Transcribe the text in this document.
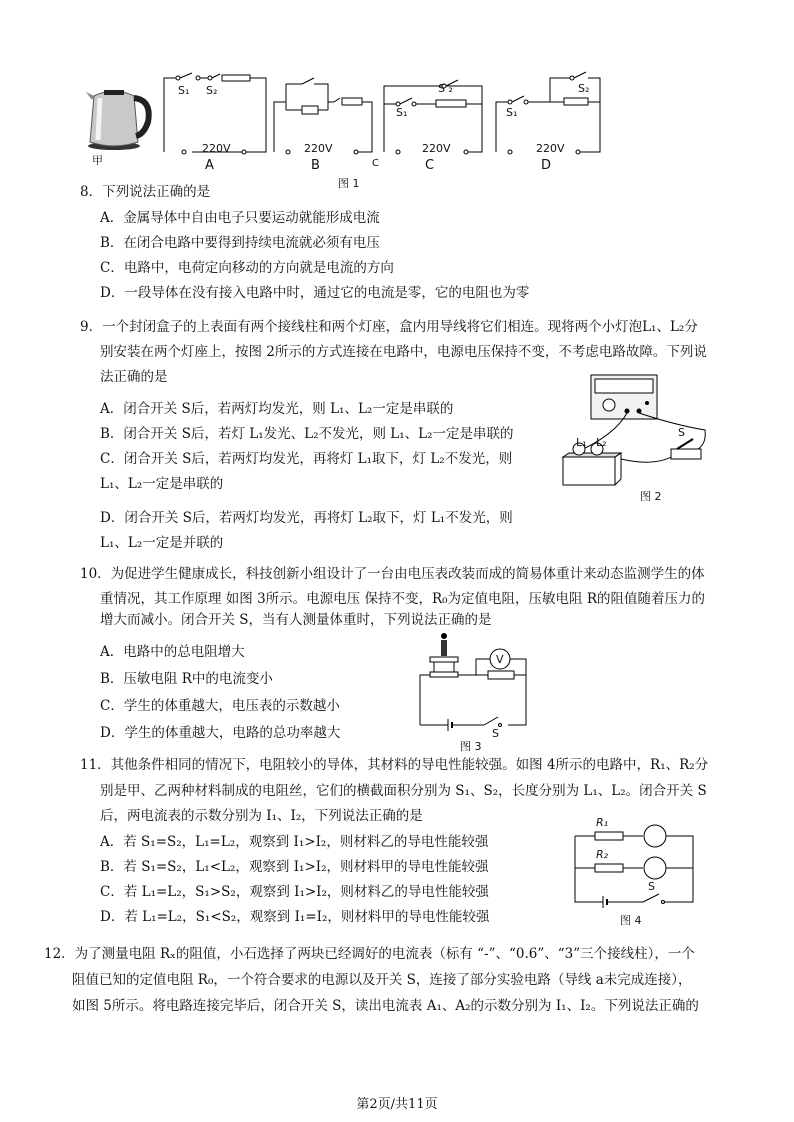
甲
S₁ S₂
220V
A
220V
B	C
S ₂
S₁
220V
C
S₂
S₁
220V
D
图 1
8．下列说法正确的是
A．金属导体中自由电子只要运动就能形成电流
B．在闭合电路中要得到持续电流就必须有电压
C．电路中，电荷定向移动的方向就是电流的方向
D．一段导体在没有接入电路中时，通过它的电流是零，它的电阻也为零
9．一个封闭盒子的上表面有两个接线柱和两个灯座，盒内用导线将它们相连。现将两个小灯泡L₁、L₂分
别安装在两个灯座上，按图 2所示的方式连接在电路中，电源电压保持不变，不考虑电路故障。下列说
法正确的是
A．闭合开关 S后，若两灯均发光，则 L₁、L₂一定是串联的
B．闭合开关 S后，若灯 L₁发光、L₂不发光，则 L₁、L₂一定是串联的
C．闭合开关 S后，若两灯均发光，再将灯 L₁取下，灯 L₂不发光，则
L₁、L₂一定是串联的
D．闭合开关 S后，若两灯均发光，再将灯 L₂取下，灯 L₁不发光，则
L₁、L₂一定是并联的
L₁ L₂
S
图 2
10．为促进学生健康成长，科技创新小组设计了一台由电压表改装而成的简易体重计来动态监测学生的体
重情况，其工作原理 如图 3所示。电源电压 保持不变，R₀为定值电阻，压敏电阻 R的阻值随着压力的
增大而减小。闭合开关 S，当有人测量体重时，下列说法正确的是
A．电路中的总电阻增大
B．压敏电阻 R中的电流变小
C．学生的体重越大，电压表的示数越小
D．学生的体重越大，电路的总功率越大
V
S
图 3
11．其他条件相同的情况下，电阻较小的导体，其材料的导电性能较强。如图 4所示的电路中，R₁、R₂分
别是甲、乙两种材料制成的电阻丝，它们的横截面积分别为 S₁、S₂，长度分别为 L₁、L₂。闭合开关 S
后，两电流表的示数分别为 I₁、I₂，下列说法正确的是
A．若 S₁=S₂，L₁=L₂，观察到 I₁>I₂，则材料乙的导电性能较强
B．若 S₁=S₂，L₁<L₂，观察到 I₁>I₂，则材料甲的导电性能较强
C．若 L₁=L₂，S₁>S₂，观察到 I₁>I₂，则材料乙的导电性能较强
D．若 L₁=L₂，S₁<S₂，观察到 I₁=I₂，则材料甲的导电性能较强
R₁
R₂
S
图 4
12．为了测量电阻 Rₓ的阻值，小石选择了两块已经调好的电流表（标有 “-”、“0.6”、“3”三个接线柱），一个
阻值已知的定值电阻 R₀，一个符合要求的电源以及开关 S，连接了部分实验电路（导线 a未完成连接），
如图 5所示。将电路连接完毕后，闭合开关 S，读出电流表 A₁、A₂的示数分别为 I₁、I₂。下列说法正确的
第2页/共11页
